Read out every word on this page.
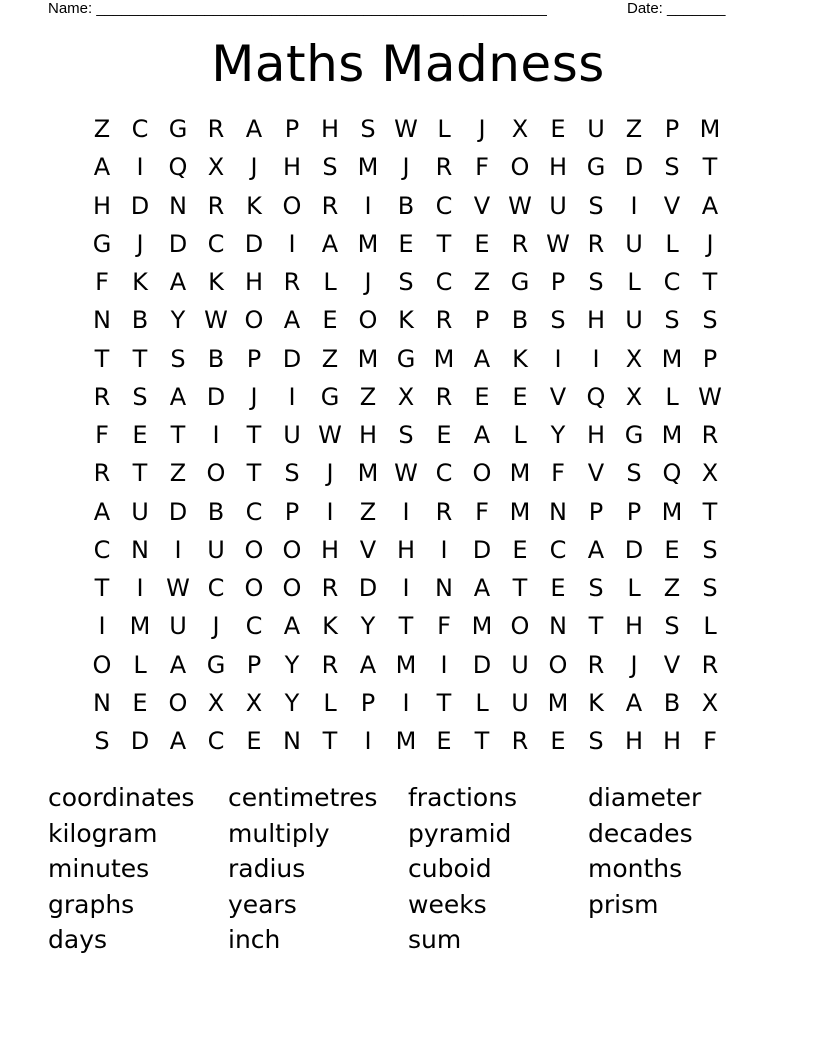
Name: ______________________________________________________	Date: _______
Maths Madness
Z C G R A P H S W L	J	X E U Z P M
A	I	Q X	J	H S M	J	R F O H G D S T
H D N R K O R	I	B C V W U S	I	V A
G	J	D C D	I	A M E T E R W R U L	J
F K A K H R L	J	S C Z G P S L C T
N B Y W O A E O K R P B S H U S S
T T S B P D Z M G M A K	I	I	X M P
R S A D	J	I	G Z X R E E V Q X L W
F E T	I	T U W H S E A L Y H G M R
R T Z O T S	J	M W C O M F V S Q X
A U D B C P	I	Z	I	R F M N P P M T
C N	I	U O O H V H	I	D E C A D E S
T	I W C O O R D	I	N A T E S L Z S
I	M U	J	C A K Y T F M O N T H S L
O L A G P Y R A M	I	D U O R	J	V R
N E O X X Y L	P	I	T L U M K A B X
S D A C E N T	I	M E T R E S H H F
coordinates	centimetres	fractions	diameter
kilogram	multiply	pyramid	decades
minutes	radius	cuboid	months
graphs	years	weeks	prism
days	inch	sum
